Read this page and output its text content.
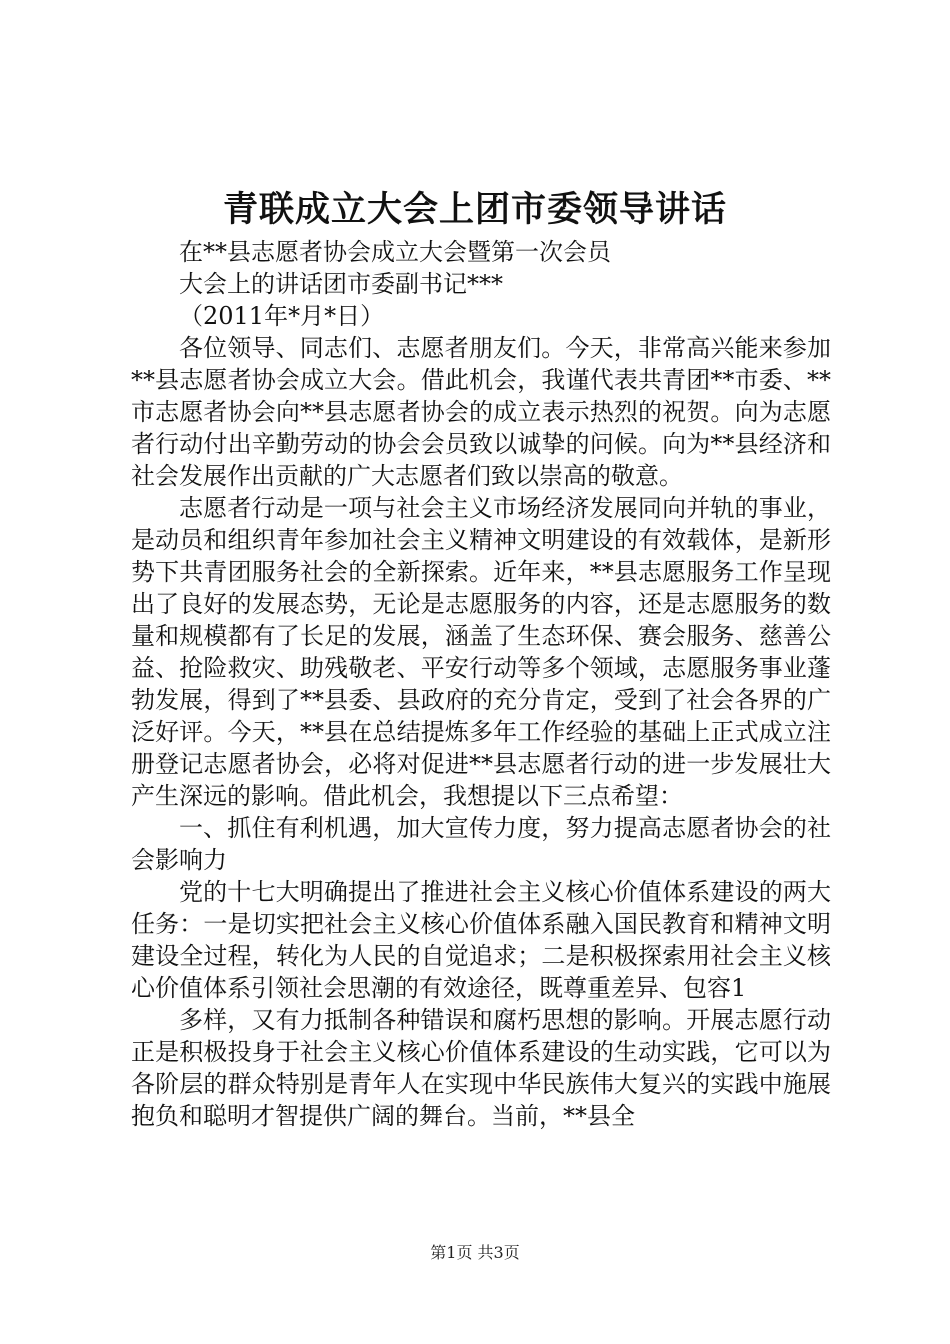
青联成立大会上团市委领导讲话

在**县志愿者协会成立大会暨第一次会员

大会上的讲话团市委副书记***

（2011年*月*日）

各位领导、同志们、志愿者朋友们。今天，非常高兴能来参加**县志愿者协会成立大会。借此机会，我谨代表共青团**市委、**市志愿者协会向**县志愿者协会的成立表示热烈的祝贺。向为志愿者行动付出辛勤劳动的协会会员致以诚挚的问候。向为**县经济和社会发展作出贡献的广大志愿者们致以崇高的敬意。

志愿者行动是一项与社会主义市场经济发展同向并轨的事业，是动员和组织青年参加社会主义精神文明建设的有效载体，是新形势下共青团服务社会的全新探索。近年来，**县志愿服务工作呈现出了良好的发展态势，无论是志愿服务的内容，还是志愿服务的数量和规模都有了长足的发展，涵盖了生态环保、赛会服务、慈善公益、抢险救灾、助残敬老、平安行动等多个领域，志愿服务事业蓬勃发展，得到了**县委、县政府的充分肯定，受到了社会各界的广泛好评。今天，**县在总结提炼多年工作经验的基础上正式成立注册登记志愿者协会，必将对促进**县志愿者行动的进一步发展壮大产生深远的影响。借此机会，我想提以下三点希望：

一、抓住有利机遇，加大宣传力度，努力提高志愿者协会的社会影响力

党的十七大明确提出了推进社会主义核心价值体系建设的两大任务：一是切实把社会主义核心价值体系融入国民教育和精神文明建设全过程，转化为人民的自觉追求；二是积极探索用社会主义核心价值体系引领社会思潮的有效途径，既尊重差异、包容1

多样，又有力抵制各种错误和腐朽思想的影响。开展志愿行动正是积极投身于社会主义核心价值体系建设的生动实践，它可以为各阶层的群众特别是青年人在实现中华民族伟大复兴的实践中施展抱负和聪明才智提供广阔的舞台。当前，**县全

第1页 共3页
